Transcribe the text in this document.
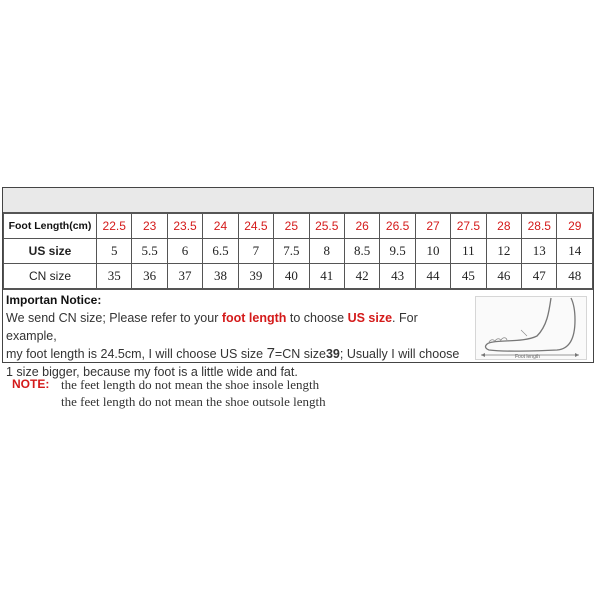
Foot Length(cm)	22.5	23	23.5	24	24.5	25	25.5	26	26.5	27	27.5	28	28.5	29
US size	5	5.5	6	6.5	7	7.5	8	8.5	9.5	10	11	12	13	14
CN size	35	36	37	38	39	40	41	42	43	44	45	46	47	48
Importan Notice:
We send CN size; Please refer to your foot length to choose US size. For example,
my foot length is 24.5cm, I will choose US size 7=CN size39; Usually I will choose
1 size bigger, because my foot is a little wide and fat.
Foot length
NOTE: the feet length do not mean the shoe insole length
the feet length do not mean the shoe outsole length
